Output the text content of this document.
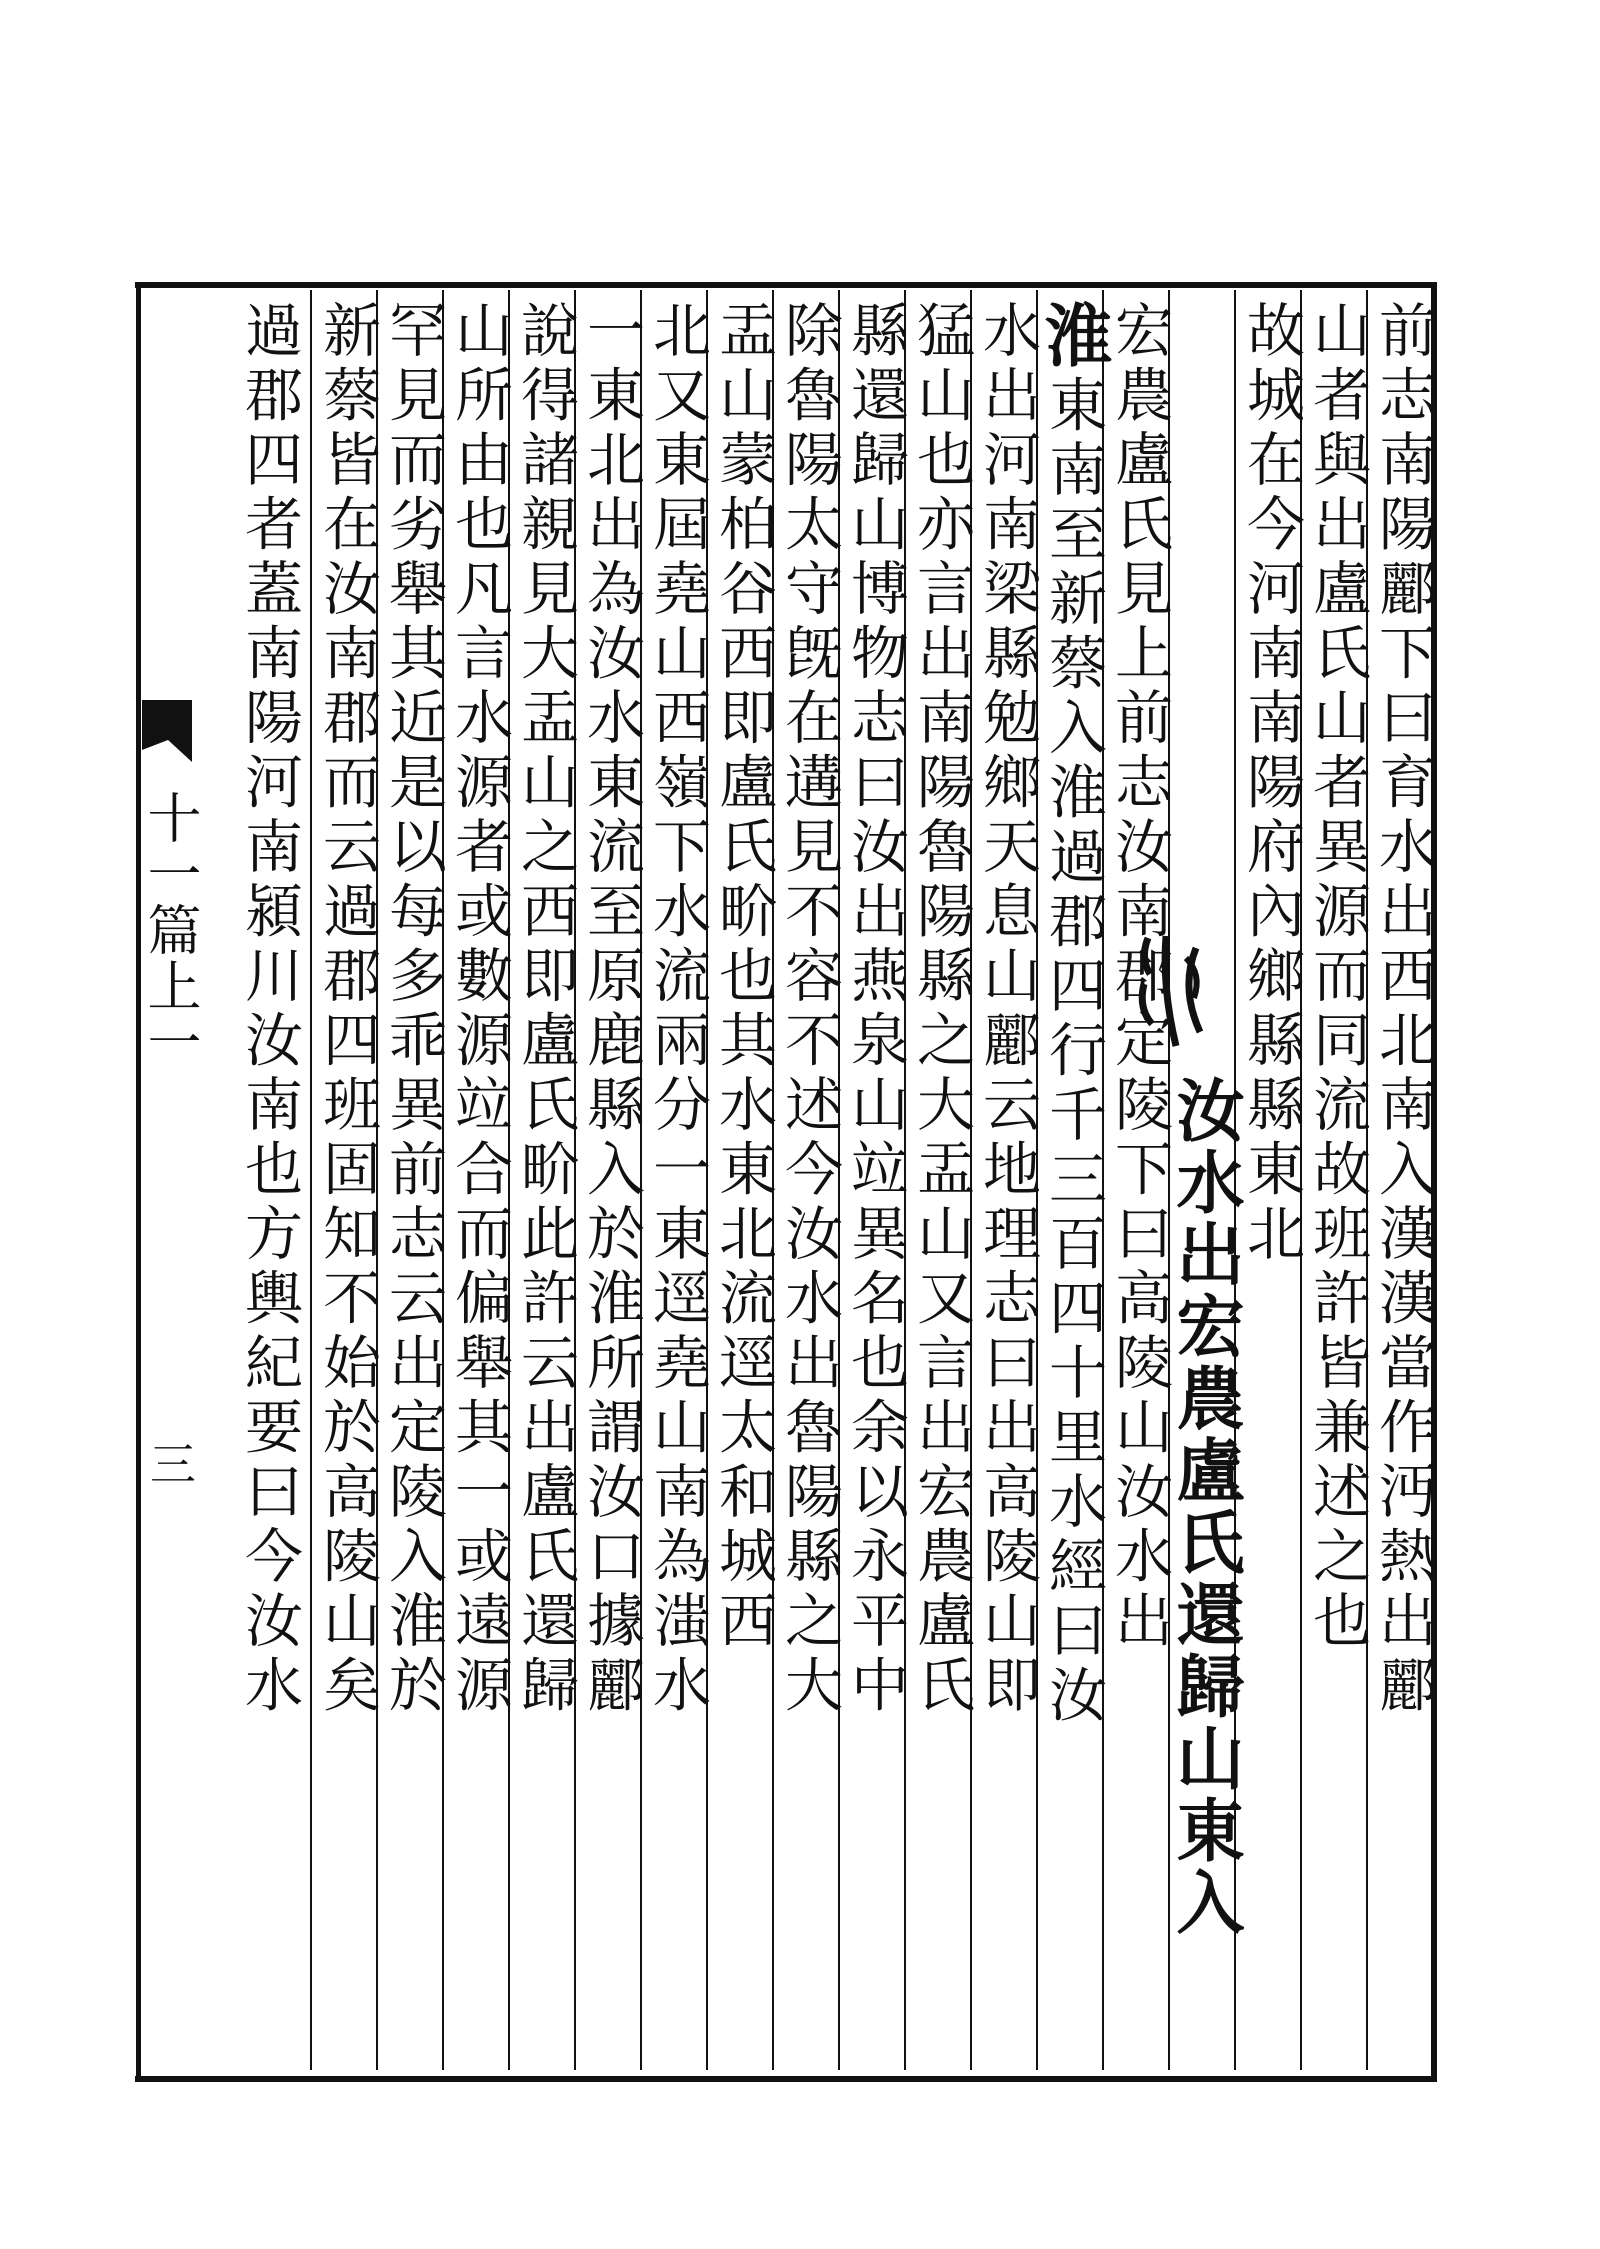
前志南陽酈下曰育水出西北南入漢漢當作沔熱出酈
山者與出盧氏山者異源而同流故班許皆兼述之也
故城在今河南南陽府內鄉縣縣東北
汝水出宏農盧氏還歸山東入
宏農盧氏見上前志汝南郡定陵下曰高陵山汝水出
淮東南至新蔡入淮過郡四行千三百四十里水經曰汝
水出河南梁縣勉鄉天息山酈云地理志曰出高陵山即
猛山也亦言出南陽魯陽縣之大盂山又言出宏農盧氏
縣還歸山博物志曰汝出燕泉山竝異名也余以永平中
除魯陽太守旣在遘見不容不述今汝水出魯陽縣之大
盂山蒙柏谷西即盧氏畍也其水東北流逕太和城西
北又東屆堯山西嶺下水流兩分一東逕堯山南為滍水
一東北出為汝水東流至原鹿縣入於淮所謂汝口據酈
說得諸親見大盂山之西即盧氏畍此許云出盧氏還歸
山所由也凡言水源者或數源竝合而偏舉其一或遠源
罕見而劣舉其近是以每多乖異前志云出定陵入淮於
新蔡皆在汝南郡而云過郡四班固知不始於高陵山矣
過郡四者蓋南陽河南潁川汝南也方輿紀要曰今汝水
十一篇上一
三
